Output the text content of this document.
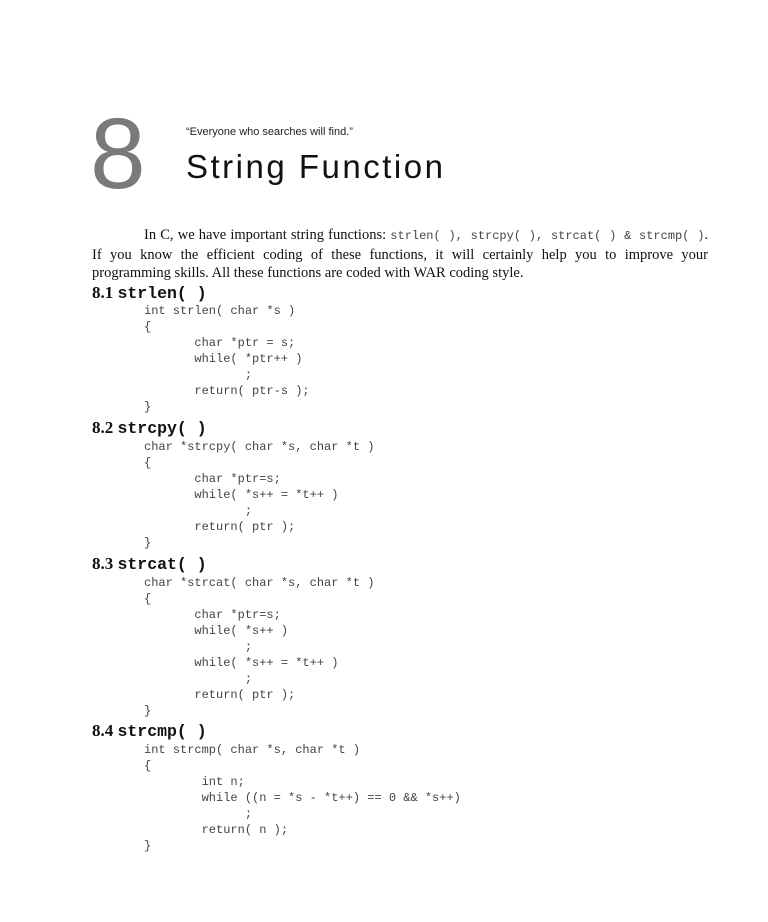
8	“Everyone who searches will find.”
String Function

In C, we have important string functions: strlen( ), strcpy( ), strcat( ) & strcmp( ). If you know the efficient coding of these functions, it will certainly help you to improve your programming skills. All these functions are coded with WAR coding style.

8.1 strlen( )
int strlen( char *s )
{
char *ptr = s;
while( *ptr++ )
;
return( ptr-s );
}
8.2 strcpy( )
char *strcpy( char *s, char *t )
{
char *ptr=s;
while( *s++ = *t++ )
;
return( ptr );
}
8.3 strcat( )
char *strcat( char *s, char *t )
{
char *ptr=s;
while( *s++ )
;
while( *s++ = *t++ )
;
return( ptr );
}
8.4 strcmp( )
int strcmp( char *s, char *t )
{
int n;
while ((n = *s - *t++) == 0 && *s++)
;
return( n );
}
